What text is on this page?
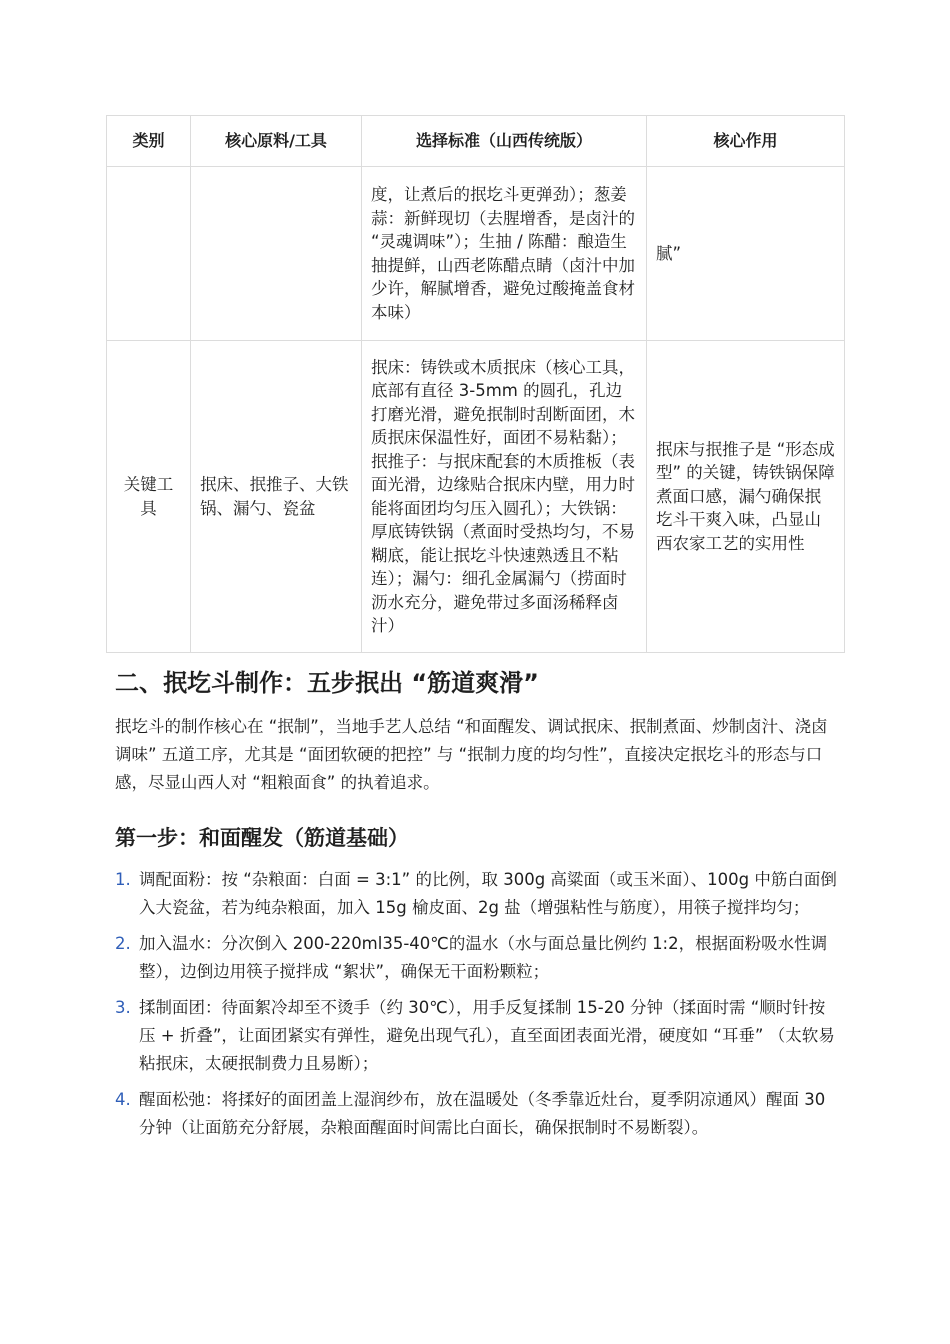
类别	核心原料/工具	选择标准（山西传统版）	核心作用
		度，让煮后的抿圪斗更弹劲）；葱姜蒜：新鲜现切（去腥增香，是卤汁的 “灵魂调味”）；生抽 / 陈醋：酿造生抽提鲜，山西老陈醋点睛（卤汁中加少许，解腻增香，避免过酸掩盖食材本味）	腻”
关键工具	抿床、抿推子、大铁锅、漏勺、瓷盆	抿床：铸铁或木质抿床（核心工具，底部有直径 3-5mm 的圆孔，孔边打磨光滑，避免抿制时刮断面团，木质抿床保温性好，面团不易粘黏）；抿推子：与抿床配套的木质推板（表面光滑，边缘贴合抿床内壁，用力时能将面团均匀压入圆孔）；大铁锅：厚底铸铁锅（煮面时受热均匀，不易糊底，能让抿圪斗快速熟透且不粘连）；漏勺：细孔金属漏勺（捞面时沥水充分，避免带过多面汤稀释卤汁）	抿床与抿推子是 “形态成型” 的关键，铸铁锅保障煮面口感，漏勺确保抿圪斗干爽入味，凸显山西农家工艺的实用性
二、抿圪斗制作：五步抿出 “筋道爽滑”

抿圪斗的制作核心在 “抿制”，当地手艺人总结 “和面醒发、调试抿床、抿制煮面、炒制卤汁、浇卤调味” 五道工序，尤其是 “面团软硬的把控” 与 “抿制力度的均匀性”，直接决定抿圪斗的形态与口感，尽显山西人对 “粗粮面食” 的执着追求。

第一步：和面醒发（筋道基础）
1. 调配面粉：按 “杂粮面：白面 = 3:1” 的比例，取 300g 高粱面（或玉米面）、100g 中筋白面倒入大瓷盆，若为纯杂粮面，加入 15g 榆皮面、2g 盐（增强粘性与筋度），用筷子搅拌均匀；
2. 加入温水：分次倒入 200-220ml35-40℃的温水（水与面总量比例约 1:2，根据面粉吸水性调整），边倒边用筷子搅拌成 “絮状”，确保无干面粉颗粒；
3. 揉制面团：待面絮冷却至不烫手（约 30℃），用手反复揉制 15-20 分钟（揉面时需 “顺时针按压 + 折叠”，让面团紧实有弹性，避免出现气孔），直至面团表面光滑，硬度如 “耳垂” （太软易粘抿床，太硬抿制费力且易断）；
4. 醒面松弛：将揉好的面团盖上湿润纱布，放在温暖处（冬季靠近灶台，夏季阴凉通风）醒面 30 分钟（让面筋充分舒展，杂粮面醒面时间需比白面长，确保抿制时不易断裂）。
